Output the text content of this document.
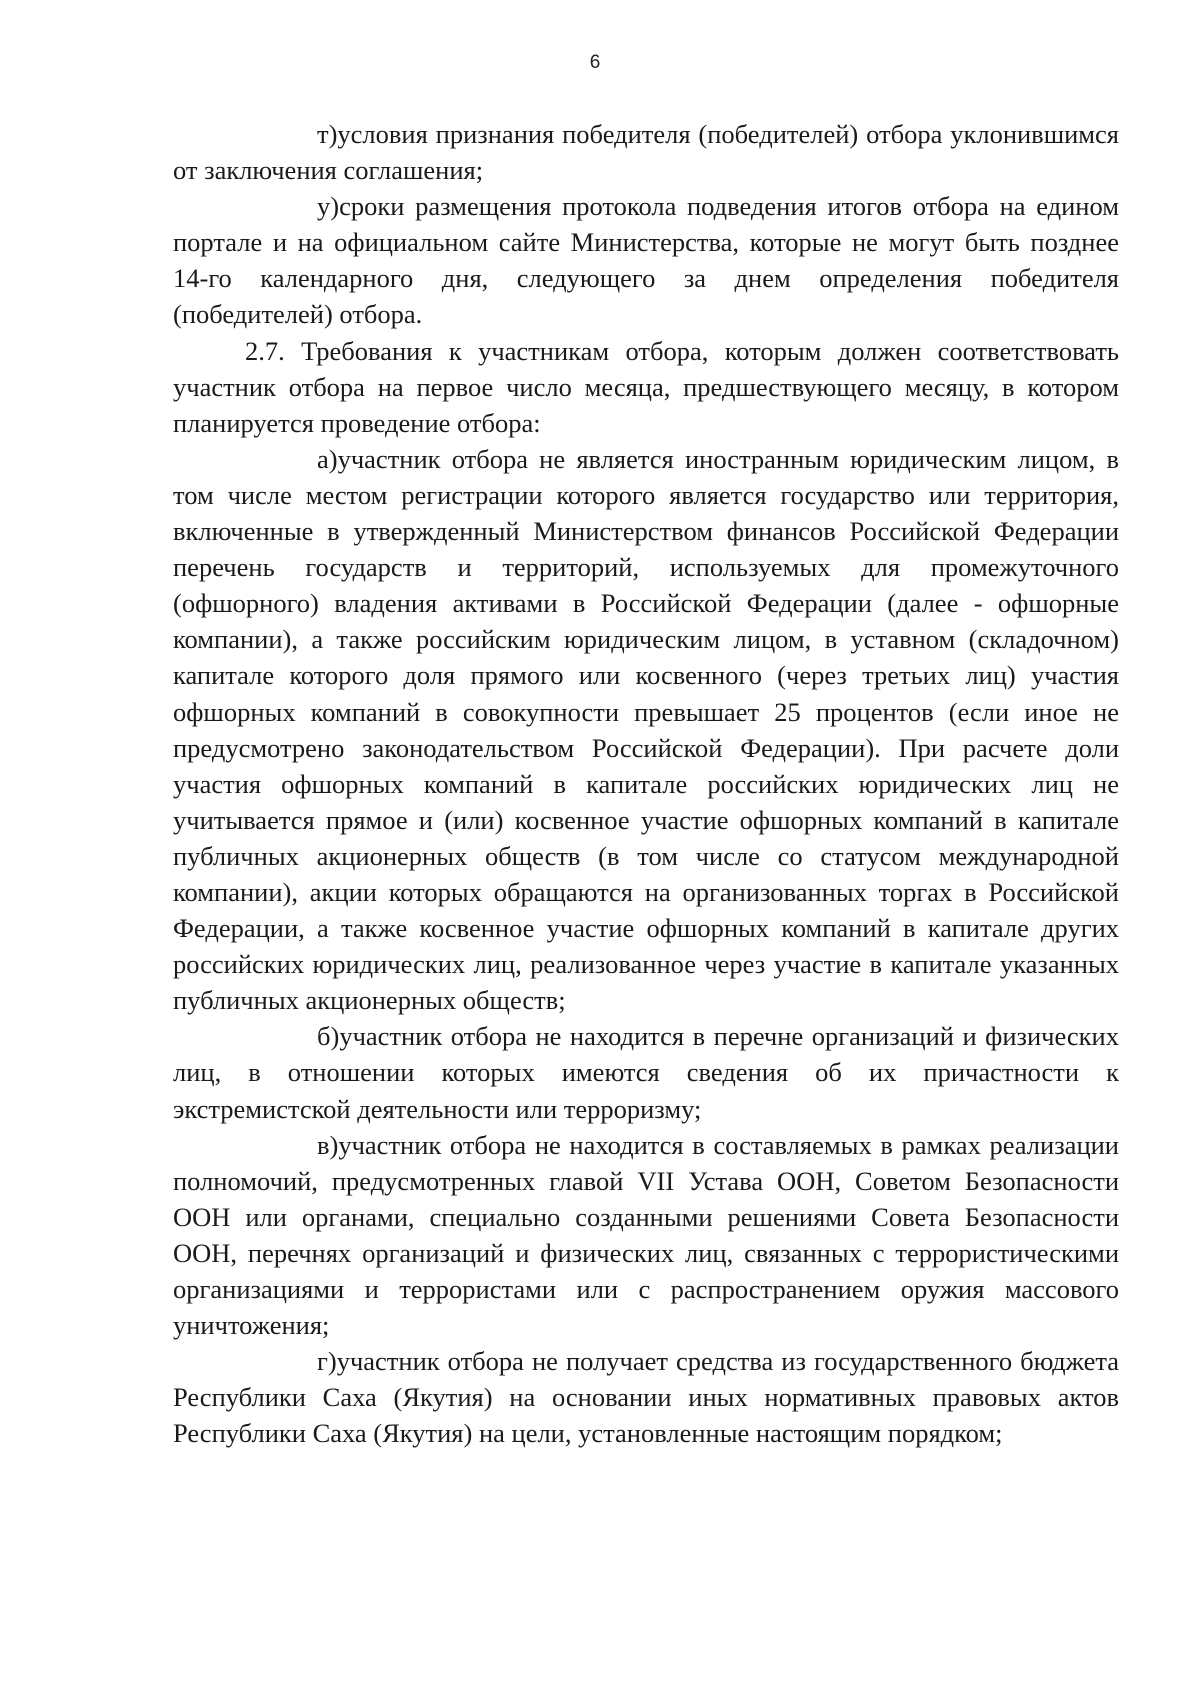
6

т)условия признания победителя (победителей) отбора уклонившимся от заключения соглашения;

у)сроки размещения протокола подведения итогов отбора на едином портале и на официальном сайте Министерства, которые не могут быть позднее 14-го календарного дня, следующего за днем определения победителя (победителей) отбора.

2.7. Требования к участникам отбора, которым должен соответствовать участник отбора на первое число месяца, предшествующего месяцу, в котором планируется проведение отбора:

а)участник отбора не является иностранным юридическим лицом, в том числе местом регистрации которого является государство или территория, включенные в утвержденный Министерством финансов Российской Федерации перечень государств и территорий, используемых для промежуточного (офшорного) владения активами в Российской Федерации (далее - офшорные компании), а также российским юридическим лицом, в уставном (складочном) капитале которого доля прямого или косвенного (через третьих лиц) участия офшорных компаний в совокупности превышает 25 процентов (если иное не предусмотрено законодательством Российской Федерации). При расчете доли участия офшорных компаний в капитале российских юридических лиц не учитывается прямое и (или) косвенное участие офшорных компаний в капитале публичных акционерных обществ (в том числе со статусом международной компании), акции которых обращаются на организованных торгах в Российской Федерации, а также косвенное участие офшорных компаний в капитале других российских юридических лиц, реализованное через участие в капитале указанных публичных акционерных обществ;

б)участник отбора не находится в перечне организаций и физических лиц, в отношении которых имеются сведения об их причастности к экстремистской деятельности или терроризму;

в)участник отбора не находится в составляемых в рамках реализации полномочий, предусмотренных главой VII Устава ООН, Советом Безопасности ООН или органами, специально созданными решениями Совета Безопасности ООН, перечнях организаций и физических лиц, связанных с террористическими организациями и террористами или с распространением оружия массового уничтожения;

г)участник отбора не получает средства из государственного бюджета Республики Саха (Якутия) на основании иных нормативных правовых актов Республики Саха (Якутия) на цели, установленные настоящим порядком;
